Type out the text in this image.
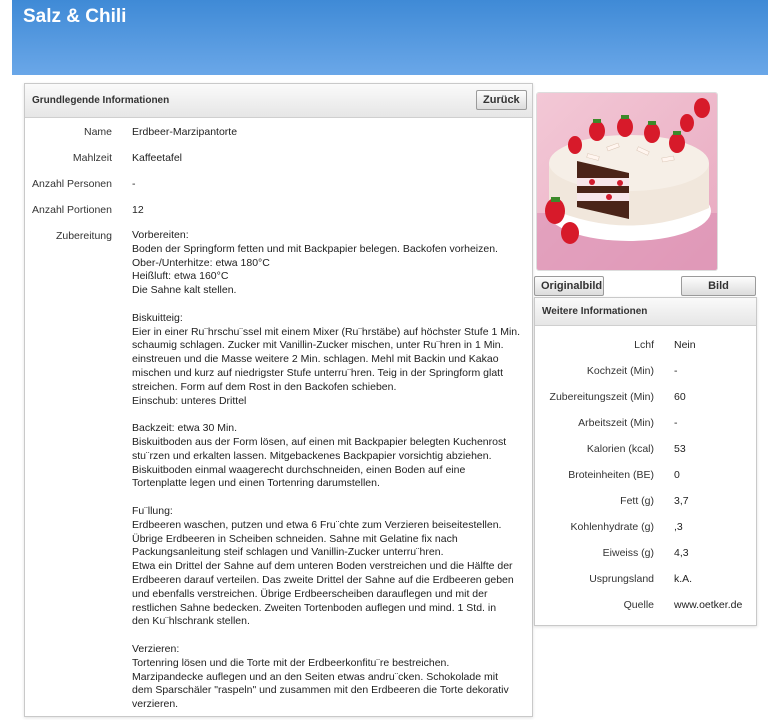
Salz & Chili
Grundlegende Informationen	Zurück
Name Erdbeer-Marzipantorte
Mahlzeit Kaffeetafel
Anzahl Personen -
Anzahl Portionen 12
Zubereitung Vorbereiten:
Boden der Springform fetten und mit Backpapier belegen. Backofen vorheizen.
Ober-/Unterhitze: etwa 180°C
Heißluft: etwa 160°C
Die Sahne kalt stellen.

Biskuitteig:
Eier in einer Ru¨hrschu¨ssel mit einem Mixer (Ru¨hrstäbe) auf höchster Stufe 1 Min.
schaumig schlagen. Zucker mit Vanillin-Zucker mischen, unter Ru¨hren in 1 Min.
einstreuen und die Masse weitere 2 Min. schlagen. Mehl mit Backin und Kakao
mischen und kurz auf niedrigster Stufe unterru¨hren. Teig in der Springform glatt
streichen. Form auf dem Rost in den Backofen schieben.
Einschub: unteres Drittel

Backzeit: etwa 30 Min.
Biskuitboden aus der Form lösen, auf einen mit Backpapier belegten Kuchenrost
stu¨rzen und erkalten lassen. Mitgebackenes Backpapier vorsichtig abziehen.
Biskuitboden einmal waagerecht durchschneiden, einen Boden auf eine
Tortenplatte legen und einen Tortenring darumstellen.

Fu¨llung:
Erdbeeren waschen, putzen und etwa 6 Fru¨chte zum Verzieren beiseitestellen.
Übrige Erdbeeren in Scheiben schneiden. Sahne mit Gelatine fix nach
Packungsanleitung steif schlagen und Vanillin-Zucker unterru¨hren.
Etwa ein Drittel der Sahne auf dem unteren Boden verstreichen und die Hälfte der
Erdbeeren darauf verteilen. Das zweite Drittel der Sahne auf die Erdbeeren geben
und ebenfalls verstreichen. Übrige Erdbeerscheiben darauflegen und mit der
restlichen Sahne bedecken. Zweiten Tortenboden auflegen und mind. 1 Std. in
den Ku¨hlschrank stellen.

Verzieren:
Tortenring lösen und die Torte mit der Erdbeerkonfitu¨re bestreichen.
Marzipandecke auflegen und an den Seiten etwas andru¨cken. Schokolade mit
dem Sparschäler "raspeln" und zusammen mit den Erdbeeren die Torte dekorativ
verzieren.
Originalbild	Bild
Weitere Informationen
Lchf Nein
Kochzeit (Min) -
Zubereitungszeit (Min) 60
Arbeitszeit (Min) -
Kalorien (kcal) 53
Broteinheiten (BE) 0
Fett (g) 3,7
Kohlenhydrate (g) ,3
Eiweiss (g) 4,3
Usprungsland k.A.
Quelle www.oetker.de
